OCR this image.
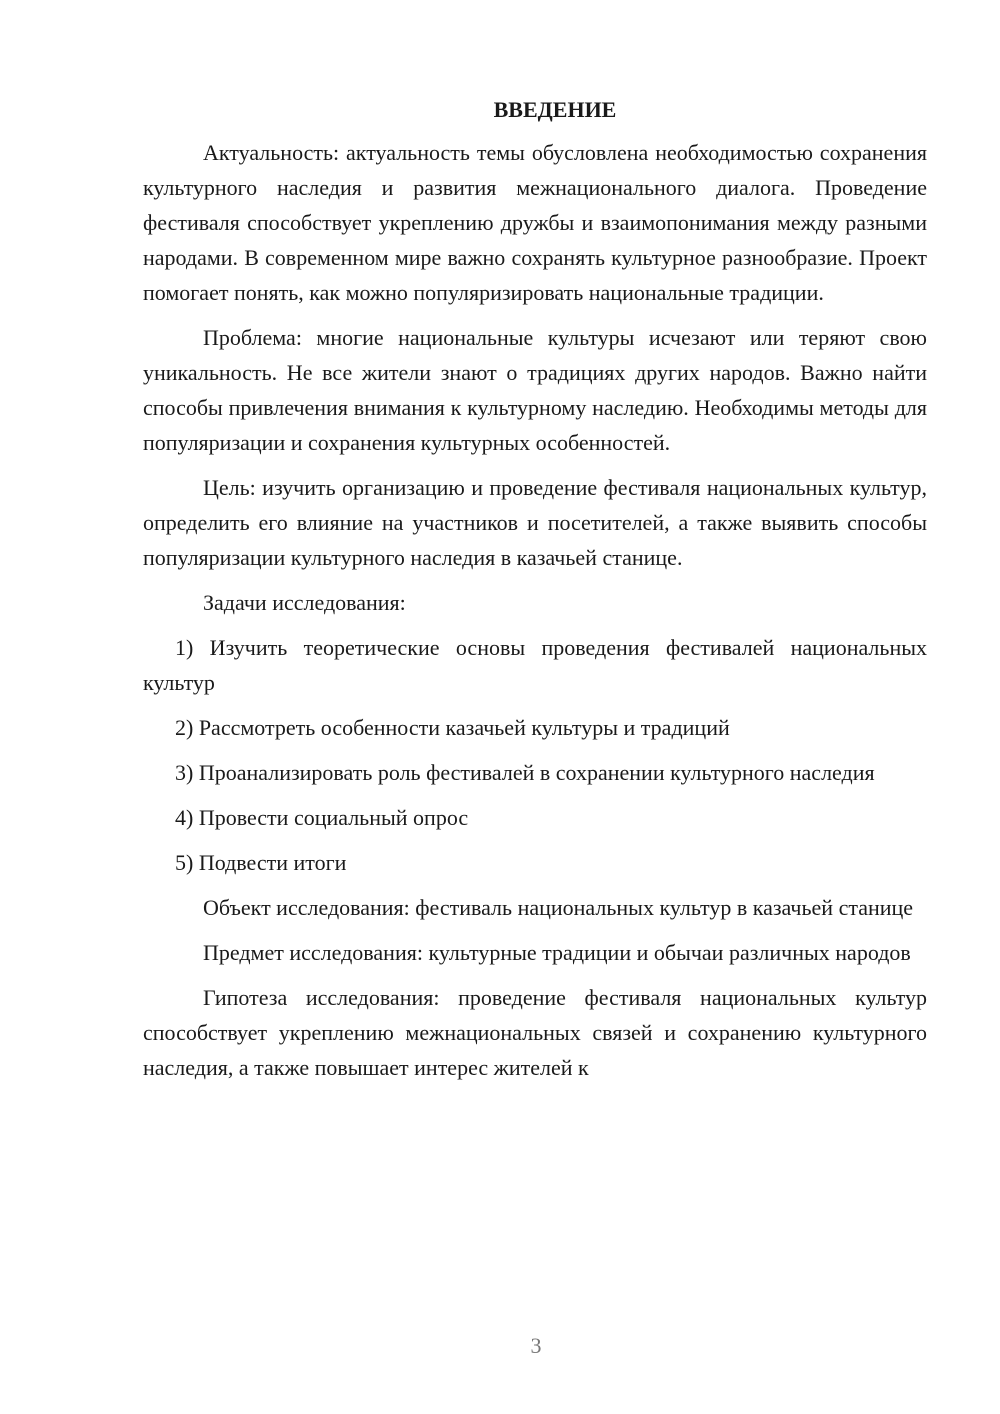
ВВЕДЕНИЕ

Актуальность: актуальность темы обусловлена необходимостью сохранения культурного наследия и развития межнационального диалога. Проведение фестиваля способствует укреплению дружбы и взаимопонимания между разными народами. В современном мире важно сохранять культурное разнообразие. Проект помогает понять, как можно популяризировать национальные традиции.

Проблема: многие национальные культуры исчезают или теряют свою уникальность. Не все жители знают о традициях других народов. Важно найти способы привлечения внимания к культурному наследию. Необходимы методы для популяризации и сохранения культурных особенностей.

Цель: изучить организацию и проведение фестиваля национальных культур, определить его влияние на участников и посетителей, а также выявить способы популяризации культурного наследия в казачьей станице.

Задачи исследования:

1) Изучить теоретические основы проведения фестивалей национальных культур

2) Рассмотреть особенности казачьей культуры и традиций

3) Проанализировать роль фестивалей в сохранении культурного наследия

4) Провести социальный опрос

5) Подвести итоги

Объект исследования: фестиваль национальных культур в казачьей станице

Предмет исследования: культурные традиции и обычаи различных народов

Гипотеза исследования: проведение фестиваля национальных культур способствует укреплению межнациональных связей и сохранению культурного наследия, а также повышает интерес жителей к

3
